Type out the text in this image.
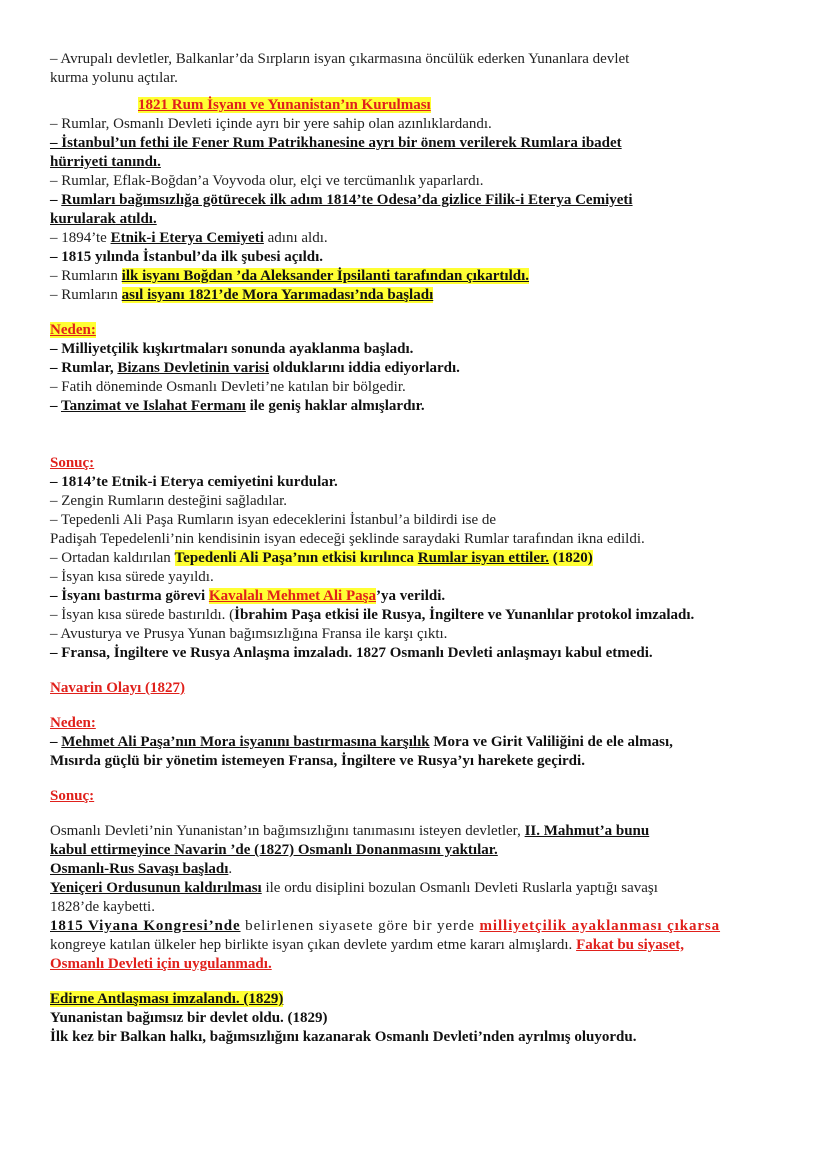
– Avrupalı devletler, Balkanlar’da Sırpların isyan çıkarmasına öncülük ederken Yunanlara devlet

kurma yolunu açtılar.

1821 Rum İsyanı ve Yunanistan’ın Kurulması

– Rumlar, Osmanlı Devleti içinde ayrı bir yere sahip olan azınlıklardandı.

– İstanbul’un fethi ile Fener Rum Patrikhanesine ayrı bir önem verilerek Rumlara ibadet

hürriyeti tanındı.

– Rumlar, Eflak-Boğdan’a Voyvoda olur, elçi ve tercümanlık yaparlardı.

– Rumları bağımsızlığa götürecek ilk adım 1814’te Odesa’da gizlice Filik-i Eterya Cemiyeti

kurularak atıldı.

– 1894’te Etnik-i Eterya Cemiyeti adını aldı.

– 1815 yılında İstanbul’da ilk şubesi açıldı.

– Rumların ilk isyanı Boğdan ’da Aleksander İpsilanti tarafından çıkartıldı.

– Rumların asıl isyanı 1821’de Mora Yarımadası’nda başladı

Neden:

– Milliyetçilik kışkırtmaları sonunda ayaklanma başladı.

– Rumlar, Bizans Devletinin varisi olduklarını iddia ediyorlardı.

– Fatih döneminde Osmanlı Devleti’ne katılan bir bölgedir.

– Tanzimat ve Islahat Fermanı ile geniş haklar almışlardır.

Sonuç:

– 1814’te Etnik-i Eterya cemiyetini kurdular.

– Zengin Rumların desteğini sağladılar.

– Tepedenli Ali Paşa Rumların isyan edeceklerini İstanbul’a bildirdi ise de

Padişah Tepedelenli’nin kendisinin isyan edeceği şeklinde saraydaki Rumlar tarafından ikna edildi.

– Ortadan kaldırılan Tepedenli Ali Paşa’nın etkisi kırılınca Rumlar isyan ettiler. (1820)

– İsyan kısa sürede yayıldı.

– İsyanı bastırma görevi Kavalalı Mehmet Ali Paşa’ya verildi.

– İsyan kısa sürede bastırıldı. (İbrahim Paşa etkisi ile Rusya, İngiltere ve Yunanlılar protokol imzaladı.

– Avusturya ve Prusya Yunan bağımsızlığına Fransa ile karşı çıktı.

– Fransa, İngiltere ve Rusya Anlaşma imzaladı. 1827 Osmanlı Devleti anlaşmayı kabul etmedi.

Navarin Olayı (1827)

Neden:

– Mehmet Ali Paşa’nın Mora isyanını bastırmasına karşılık Mora ve Girit Valiliğini de ele alması,

Mısırda güçlü bir yönetim istemeyen Fransa, İngiltere ve Rusya’yı harekete geçirdi.

Sonuç:

Osmanlı Devleti’nin Yunanistan’ın bağımsızlığını tanımasını isteyen devletler, II. Mahmut’a bunu

kabul ettirmeyince Navarin ’de (1827) Osmanlı Donanmasını yaktılar.

Osmanlı-Rus Savaşı başladı.

Yeniçeri Ordusunun kaldırılması ile ordu disiplini bozulan Osmanlı Devleti Ruslarla yaptığı savaşı

1828’de kaybetti.

1815 Viyana Kongresi’nde belirlenen siyasete göre bir yerde milliyetçilik ayaklanması çıkarsa

kongreye katılan ülkeler hep birlikte isyan çıkan devlete yardım etme kararı almışlardı. Fakat bu siyaset,

Osmanlı Devleti için uygulanmadı.

Edirne Antlaşması imzalandı. (1829)

Yunanistan bağımsız bir devlet oldu. (1829)

İlk kez bir Balkan halkı, bağımsızlığını kazanarak Osmanlı Devleti’nden ayrılmış oluyordu.
